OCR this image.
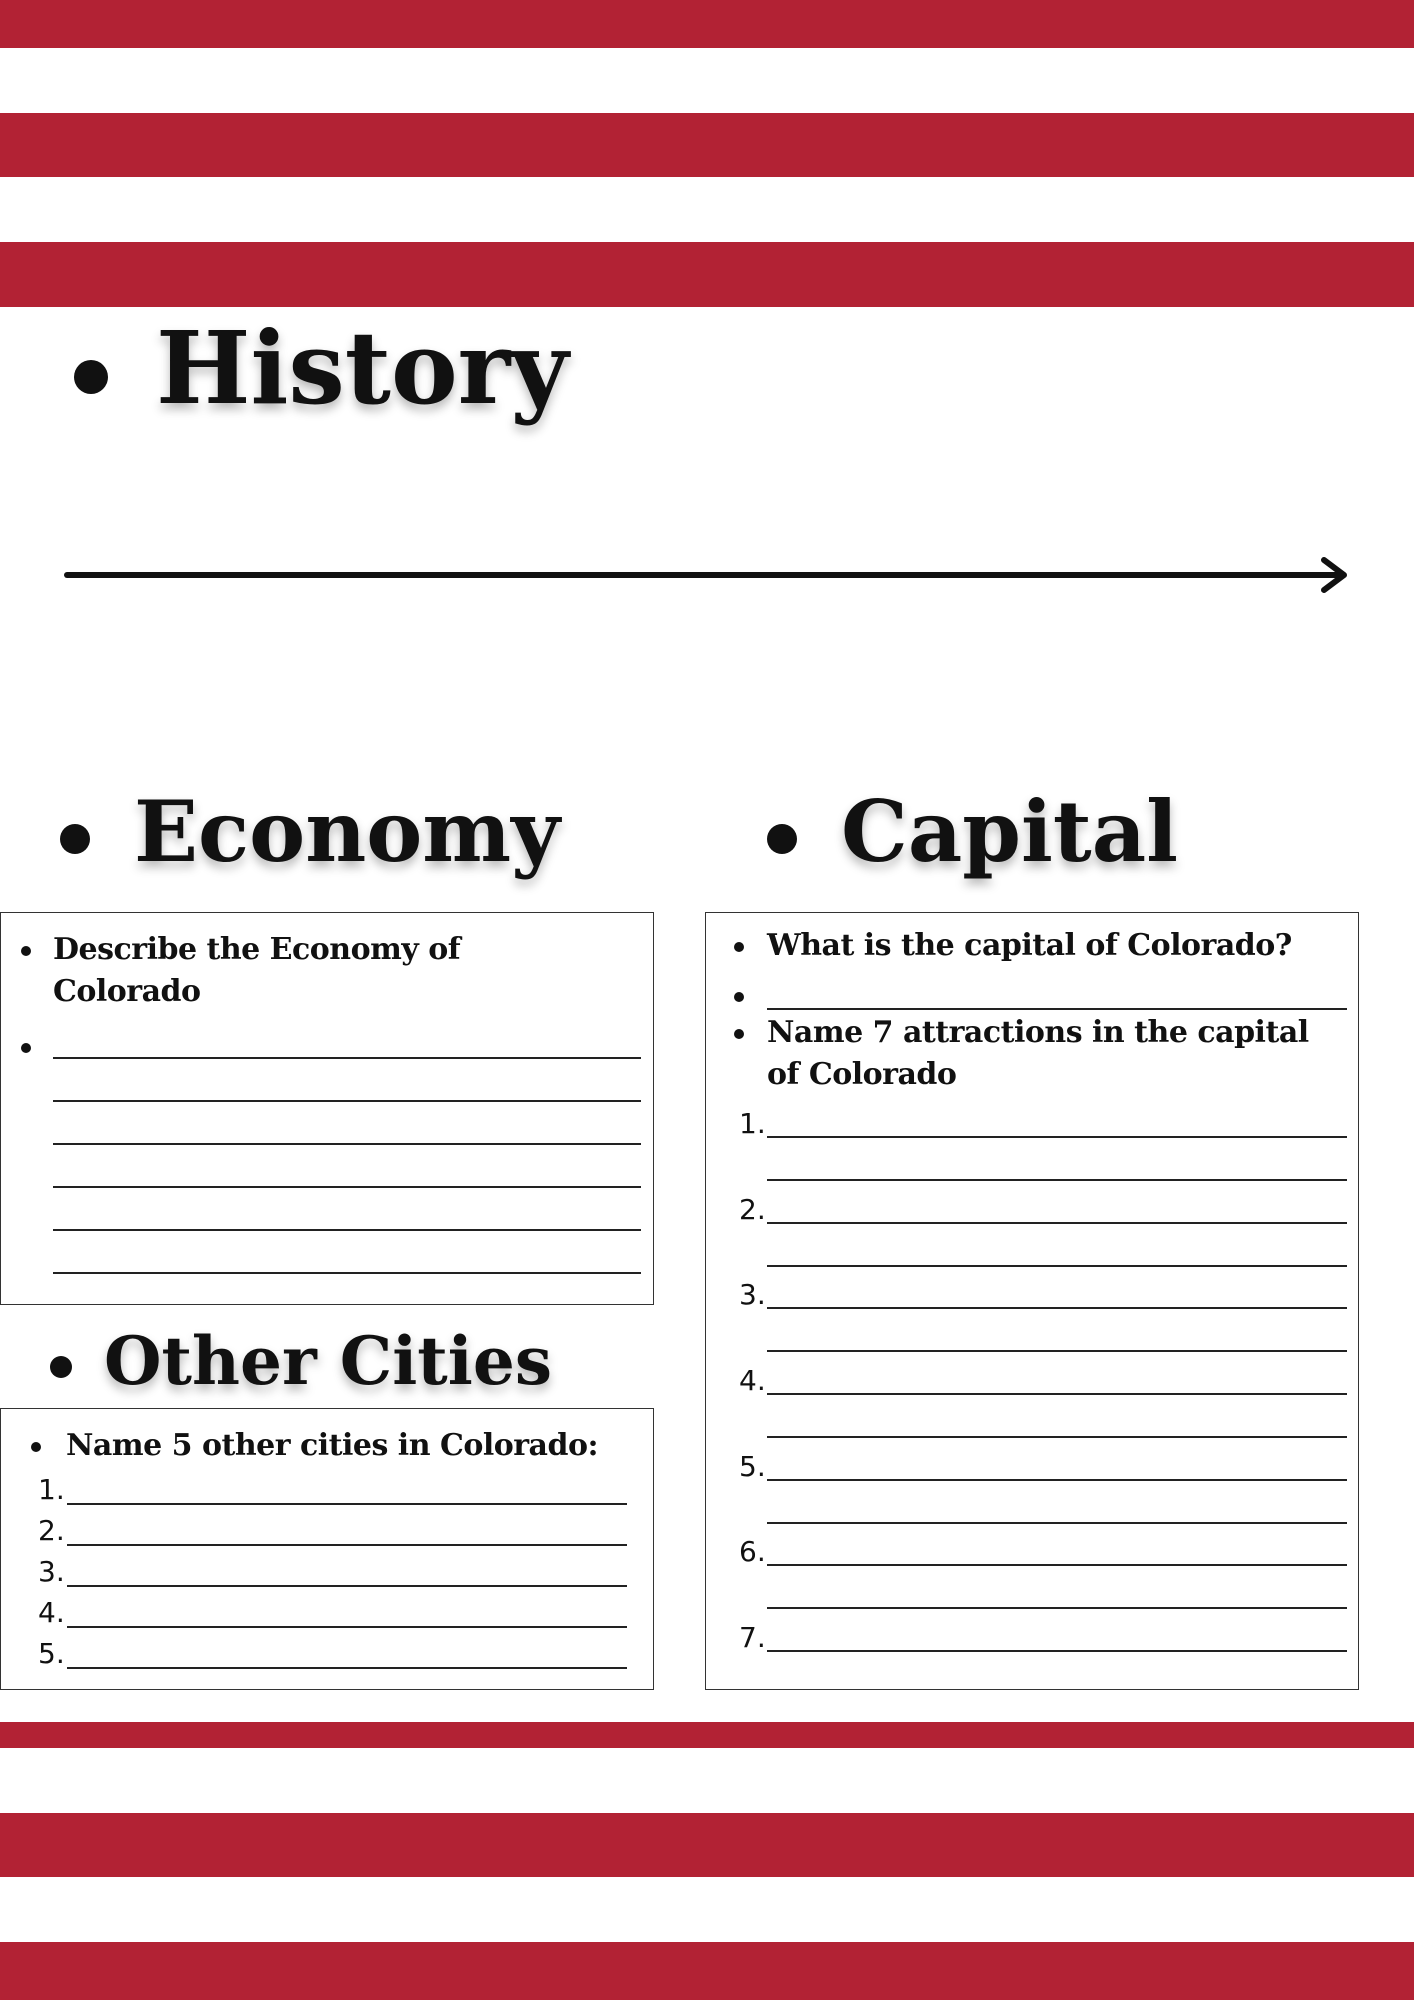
History
Economy	Capital
Describe the Economy of
Colorado
Other Cities
Name 5 other cities in Colorado:
1.
2.
3.
4.
5.
What is the capital of Colorado?
Name 7 attractions in the capital
of Colorado
1.
2.
3.
4.
5.
6.
7.
